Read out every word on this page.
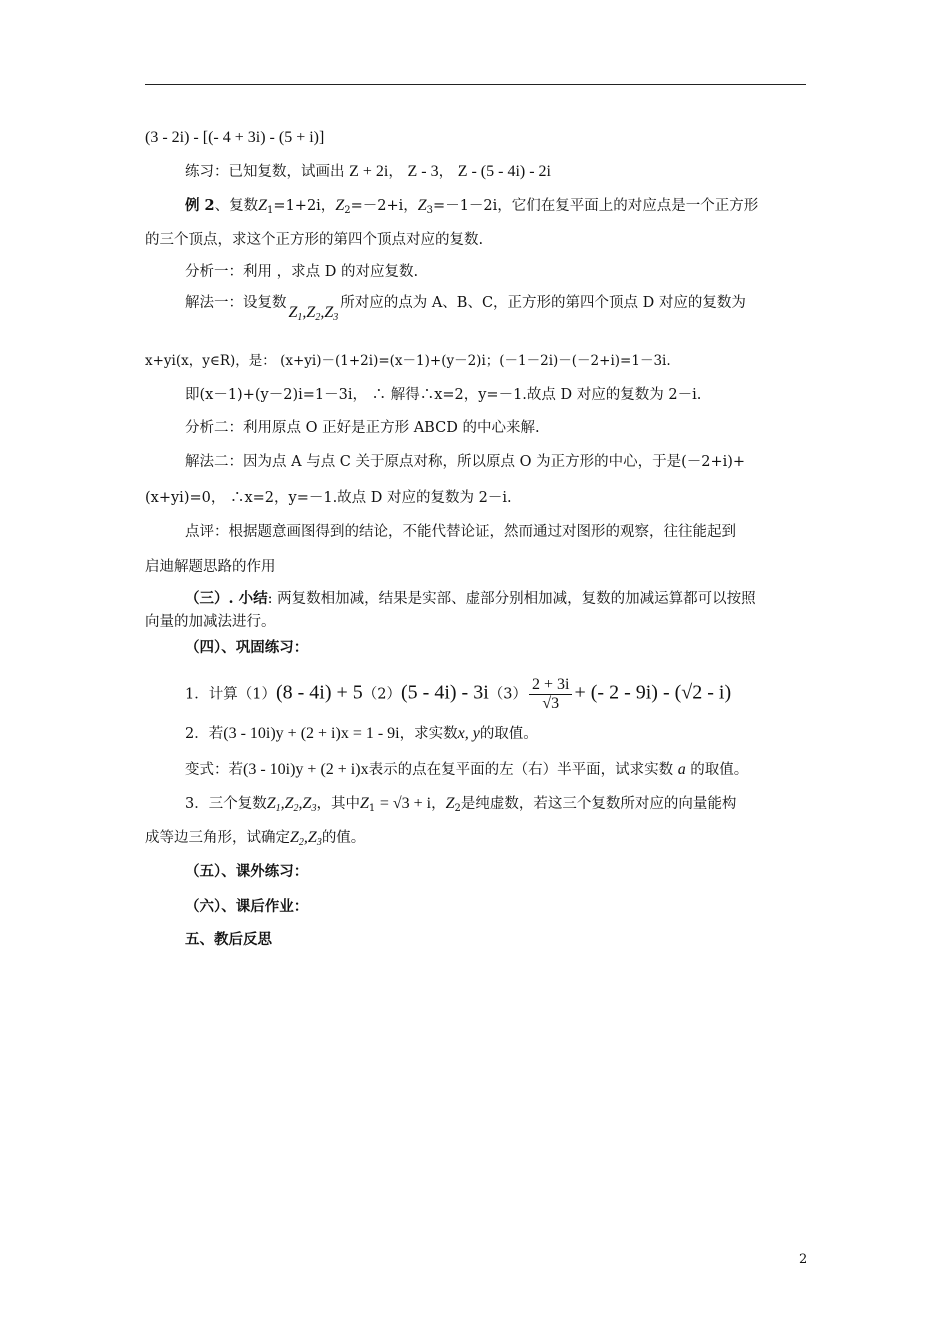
(3 - 2i) - [(- 4 + 3i) - (5 + i)]
练习：已知复数，试画出 Z + 2i， Z - 3， Z - (5 - 4i) - 2i
例 2、复数$Z_1=1+2i$，$Z_2=-2+i$，$Z_3=-1-2i$，它们在复平面上的对应点是一个正方形
的三个顶点，求这个正方形的第四个顶点对应的复数.
分析一：利用 ，求点 D 的对应复数.
解法一：设复数$Z_1,Z_2,Z_3$所对应的点为 A、B、C，正方形的第四个顶点 D 对应的复数为
x+yi(x，y∈R)，是： (x+yi)－(1+2i)=(x－1)+(y－2)i；(－1－2i)－(－2+i)=1－3i.
即(x－1)+(y－2)i=1－3i， ∴ 解得∴x=2，y=－1.故点 D 对应的复数为 2－i.
分析二：利用原点 O 正好是正方形 ABCD 的中心来解.
解法二：因为点 A 与点 C 关于原点对称，所以原点 O 为正方形的中心，于是(－2+i)+
(x+yi)=0， ∴x=2，y=－1.故点 D 对应的复数为 2－i.
点评：根据题意画图得到的结论，不能代替论证，然而通过对图形的观察，往往能起到
启迪解题思路的作用
（三）. 小结: 两复数相加减，结果是实部、虚部分别相加减，复数的加减运算都可以按照
向量的加减法进行。
（四）、巩固练习：
1．计算$(1)(8 - 4i) + 5(2)(5 - 4i) - 3i(3) \frac{2 + 3i}{√3}$ + (- 2 - 9i) - (√2 - i)
2．若(3 - 10i)y + (2 + i)x = 1 - 9i，求实数x, y的取值。
变式：若(3 - 10i)y + (2 + i)x表示的点在复平面的左（右）半平面，试求实数 a 的取值。
3．三个复数$Z_1,Z_2,Z_3$，其中$Z_1 = √3 + i$，$Z_2$是纯虚数，若这三个复数所对应的向量能构
成等边三角形，试确定$Z_2,Z_3$的值。
（五）、课外练习：
（六）、课后作业：
五、教后反思
2
